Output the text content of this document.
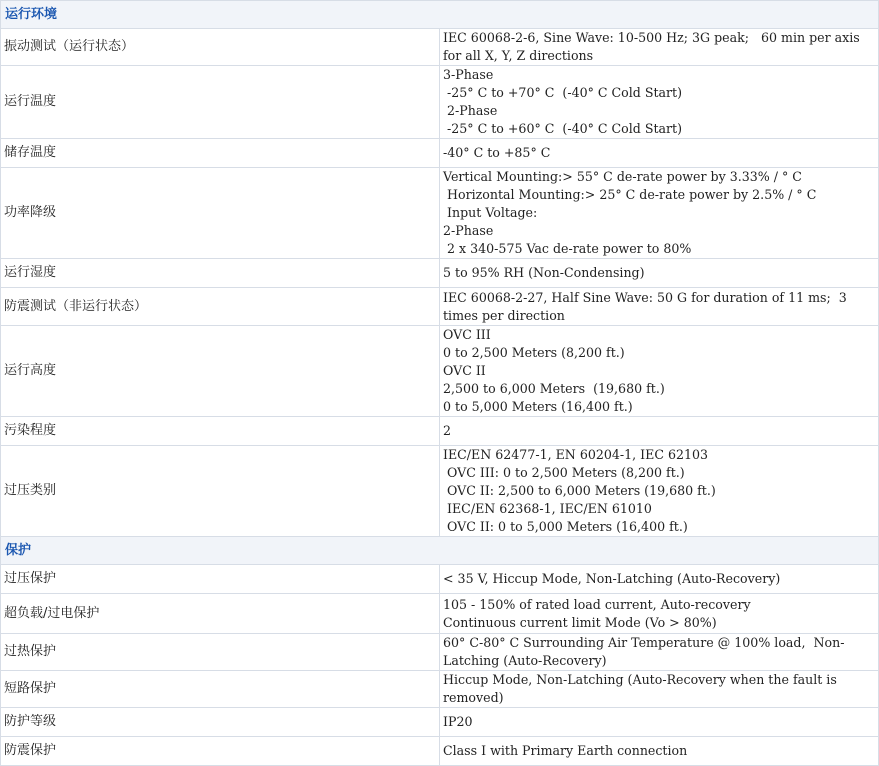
运行环境	
振动测试（运行状态）	IEC 60068-2-6, Sine Wave: 10-500 Hz; 3G peak;   60 min per axis for all X, Y, Z directions
运行温度	3-Phase
-25° C to +70° C  (-40° C Cold Start)
2-Phase
-25° C to +60° C  (-40° C Cold Start)
储存温度	-40° C to +85° C
功率降级	Vertical Mounting:> 55° C de-rate power by 3.33% / ° C
Horizontal Mounting:> 25° C de-rate power by 2.5% / ° C
Input Voltage:
2-Phase
2 x 340-575 Vac de-rate power to 80%
运行湿度	5 to 95% RH (Non-Condensing)
防震测试（非运行状态）	IEC 60068-2-27, Half Sine Wave: 50 G for duration of 11 ms;  3 times per direction
运行高度	OVC III
0 to 2,500 Meters (8,200 ft.)
OVC II
2,500 to 6,000 Meters  (19,680 ft.)
0 to 5,000 Meters (16,400 ft.)
污染程度	2
过压类别	IEC/EN 62477-1, EN 60204-1, IEC 62103
OVC III: 0 to 2,500 Meters (8,200 ft.)
OVC II: 2,500 to 6,000 Meters (19,680 ft.)
IEC/EN 62368-1, IEC/EN 61010
OVC II: 0 to 5,000 Meters (16,400 ft.)
保护	
过压保护	< 35 V, Hiccup Mode, Non-Latching (Auto-Recovery)
超负载/过电保护	105 - 150% of rated load current, Auto-recovery
Continuous current limit Mode (Vo > 80%)
过热保护	60° C-80° C Surrounding Air Temperature @ 100% load,  Non-Latching (Auto-Recovery)
短路保护	Hiccup Mode, Non-Latching (Auto-Recovery when the fault is removed)
防护等级	IP20
防震保护	Class I with Primary Earth connection
